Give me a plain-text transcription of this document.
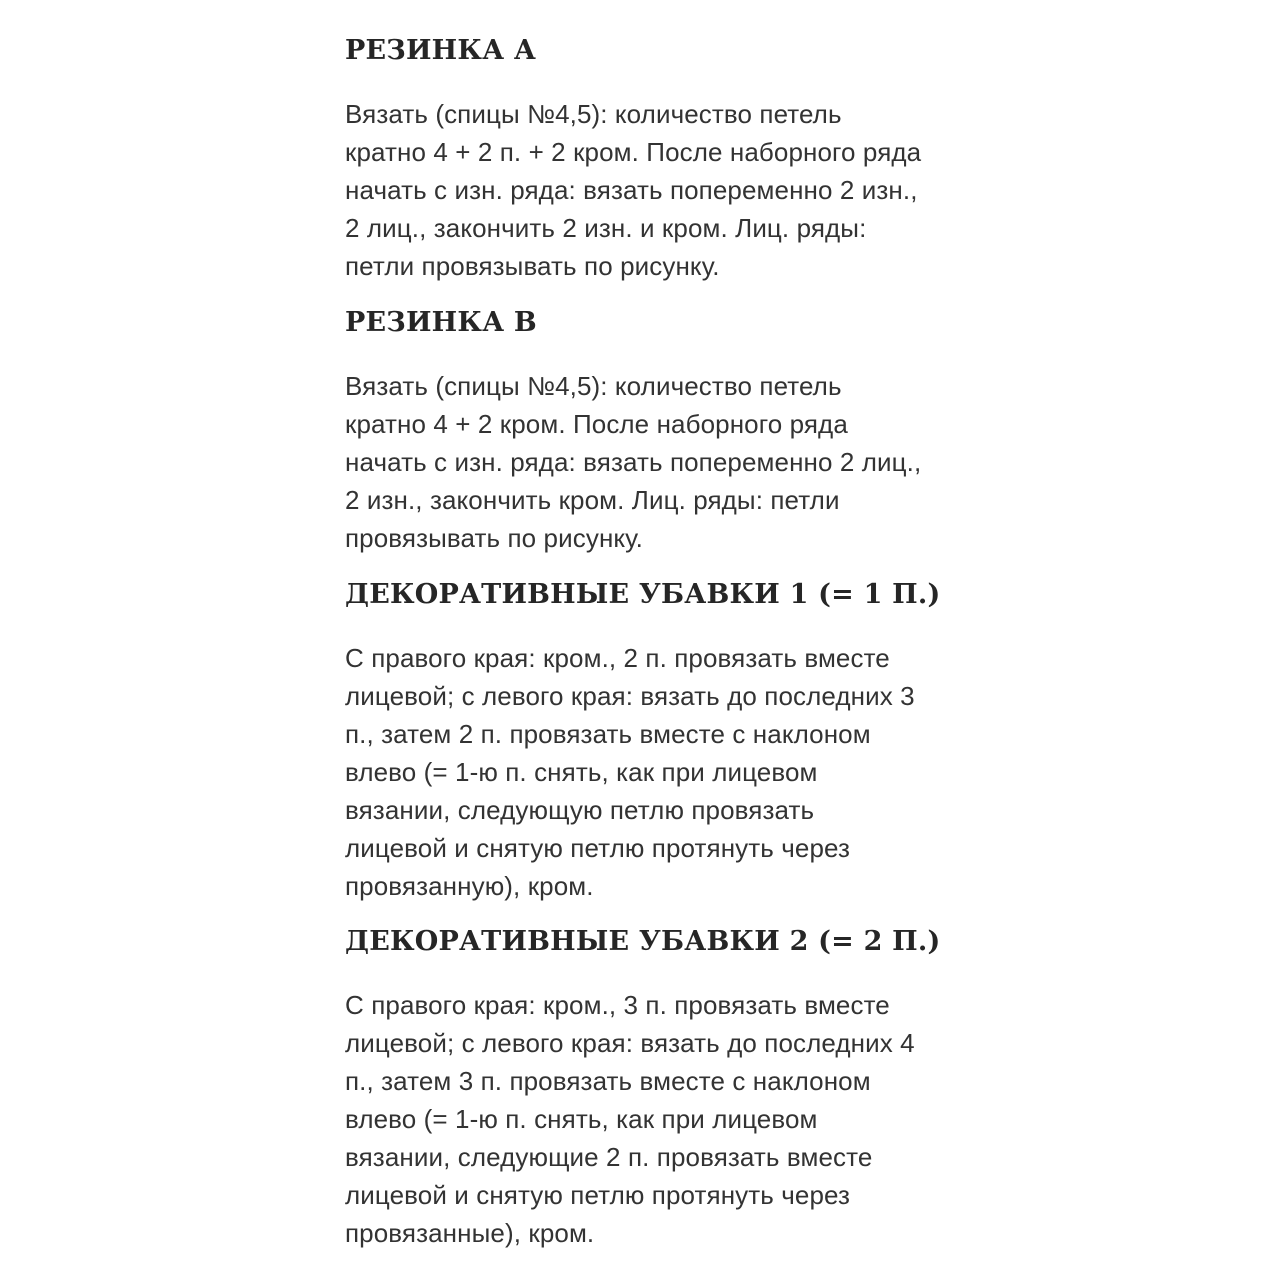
РЕЗИНКА А
Вязать (спицы №4,5): количество петель
кратно 4 + 2 п. + 2 кром. После наборного ряда
начать с изн. ряда: вязать попеременно 2 изн.,
2 лиц., закончить 2 изн. и кром. Лиц. ряды:
петли провязывать по рисунку.
РЕЗИНКА В
Вязать (спицы №4,5): количество петель
кратно 4 + 2 кром. После наборного ряда
начать с изн. ряда: вязать попеременно 2 лиц.,
2 изн., закончить кром. Лиц. ряды: петли
провязывать по рисунку.
ДЕКОРАТИВНЫЕ УБАВКИ 1 (= 1 П.)
С правого края: кром., 2 п. провязать вместе
лицевой; с левого края: вязать до последних 3
п., затем 2 п. провязать вместе с наклоном
влево (= 1-ю п. снять, как при лицевом
вязании, следующую петлю провязать
лицевой и снятую петлю протянуть через
провязанную), кром.
ДЕКОРАТИВНЫЕ УБАВКИ 2 (= 2 П.)
С правого края: кром., 3 п. провязать вместе
лицевой; с левого края: вязать до последних 4
п., затем 3 п. провязать вместе с наклоном
влево (= 1-ю п. снять, как при лицевом
вязании, следующие 2 п. провязать вместе
лицевой и снятую петлю протянуть через
провязанные), кром.
